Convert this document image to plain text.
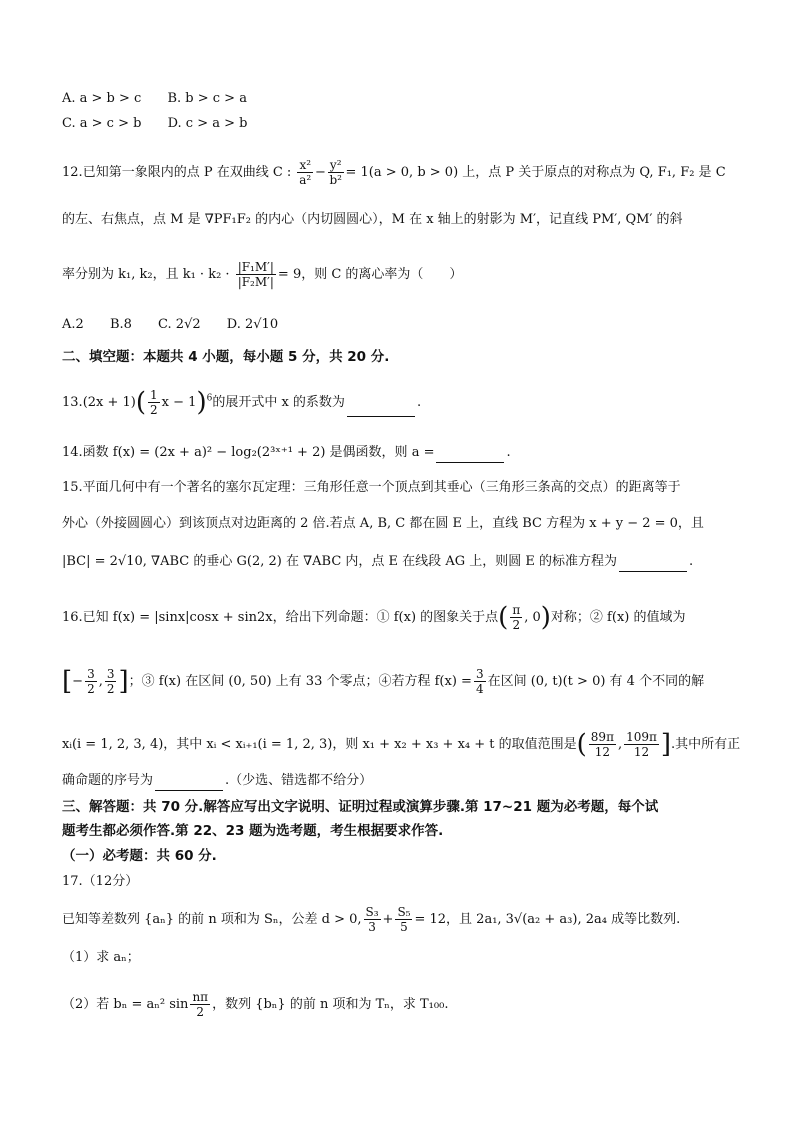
A. a > b > c B. b > c > a
C. a > c > b D. c > a > b
12.已知第一象限内的点 P 在双曲线 C : $\frac{\text{x²}}{\text{a²}} - \frac{\text{y²}}{\text{b²}} = 1(a > 0$, b > 0) 上，点 P 关于原点的对称点为 Q, F₁, F₂ 是 C
的左、右焦点，点 M 是 ∇PF₁F₂ 的内心（内切圆圆心），M 在 x 轴上的射影为 M′，记直线 PM′, QM′ 的斜
率分别为 k₁, k₂，且 $k_1 \cdot k_2 \cdot \frac{\text{|F₁M′|}}{\text{|F₂M′|}} = 9$，则 C 的离心率为（　　）
A.2 B.8 C. 2√2 D. 2√10
二、填空题：本题共 4 小题，每小题 5 分，共 20 分.
$13.(2x + 1)( \frac{1}{2}$ $x - 1)^6$的展开式中 x 的系数为	.
14.函数 f(x) = (2x + a)² − log₂(2³ˣ⁺¹ + 2) 是偶函数，则 a =	.
15.平面几何中有一个著名的塞尔瓦定理：三角形任意一个顶点到其垂心（三角形三条高的交点）的距离等于
外心（外接圆圆心）到该顶点对边距离的 2 倍.若点 A, B, C 都在圆 E 上，直线 BC 方程为 x + y − 2 = 0，且
|BC| = 2√10, ∇ABC 的垂心 G(2, 2) 在 ∇ABC 内，点 E 在线段 AG 上，则圆 E 的标准方程为	.
16.已知 f(x) = |sinx|cosx + sin2x，给出下列命题：① f(x) 的图象关于点( $\frac{\pi}{2}$ , 0)对称；② f(x) 的值域为
[− $\frac{3}{2}$ , $\frac{3}{2}$ ]；③ f(x) 在区间 (0, 50) 上有 33 个零点；④若方程 $f(x) = \frac{3}{4}$ 在区间 (0, t)(t > 0) 有 4 个不同的解
xᵢ(i = 1, 2, 3, 4)，其中 xᵢ < xᵢ₊₁(i = 1, 2, 3)，则 x₁ + x₂ + x₃ + x₄ + t 的取值范围是( $\frac{89\pi}{12}$ , $\frac{109\pi}{12}$ ].其中所有正
确命题的序号为	.（少选、错选都不给分）
三、解答题：共 70 分.解答应写出文字说明、证明过程或演算步骤.第 17~21 题为必考题，每个试
题考生都必须作答.第 22、23 题为选考题，考生根据要求作答.
（一）必考题：共 60 分.
17.（12分）
已知等差数列 {aₙ} 的前 n 项和为 Sₙ，公差 d > 0, $\frac{\text{S₃}}{3} + \frac{\text{S₅}}{5} = 12$，且 2a₁, 3√(a₂ + a₃), 2a₄ 成等比数列.
（1）求 aₙ；
（2）若 bₙ = aₙ² $\sin \frac{n\pi}{2}$ ，数列 {bₙ} 的前 n 项和为 Tₙ，求 T₁₀₀.
